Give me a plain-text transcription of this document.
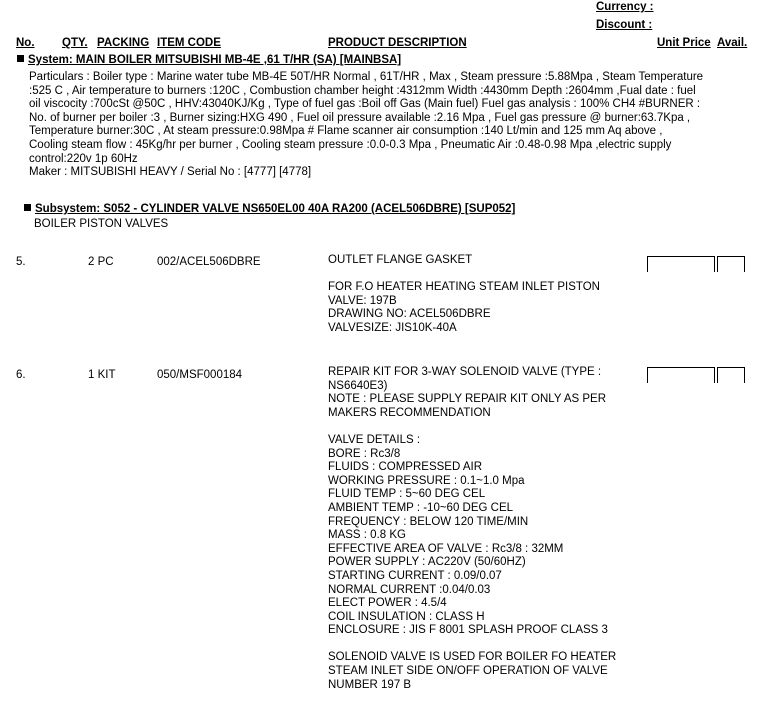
Currency :
Discount :
No. QTY. PACKING ITEM CODE	PRODUCT DESCRIPTION	Unit Price Avail.
System: MAIN BOILER MITSUBISHI MB-4E ,61 T/HR (SA) [MAINBSA]
Particulars : Boiler type : Marine water tube MB-4E 50T/HR Normal , 61T/HR , Max , Steam pressure :5.88Mpa , Steam Temperature
:525 C , Air temperature to burners :120C , Combustion chamber height :4312mm Width :4430mm Depth :2604mm ,Fual date : fuel
oil viscocity :700cSt @50C , HHV:43040KJ/Kg , Type of fuel gas :Boil off Gas (Main fuel) Fuel gas analysis : 100% CH4 #BURNER :
No. of burner per boiler :3 , Burner sizing:HXG 490 , Fuel oil pressure available :2.16 Mpa , Fuel gas pressure @ burner:63.7Kpa ,
Temperature burner:30C , At steam pressure:0.98Mpa # Flame scanner air consumption :140 Lt/min and 125 mm Aq above ,
Cooling steam flow : 45Kg/hr per burner , Cooling steam pressure :0.0-0.3 Mpa , Pneumatic Air :0.48-0.98 Mpa ,electric supply
control:220v 1p 60Hz
Maker : MITSUBISHI HEAVY / Serial No : [4777] [4778]
Subsystem: S052 - CYLINDER VALVE NS650EL00 40A RA200 (ACEL506DBRE) [SUP052]
BOILER PISTON VALVES
5.	2 PC	002/ACEL506DBRE	OUTLET FLANGE GASKET

FOR F.O HEATER HEATING STEAM INLET PISTON
VALVE: 197B
DRAWING NO: ACEL506DBRE
VALVESIZE: JIS10K-40A
6.	1 KIT	050/MSF000184	REPAIR KIT FOR 3-WAY SOLENOID VALVE (TYPE :
NS6640E3)
NOTE : PLEASE SUPPLY REPAIR KIT ONLY AS PER
MAKERS RECOMMENDATION

VALVE DETAILS :
BORE : Rc3/8
FLUIDS : COMPRESSED AIR
WORKING PRESSURE : 0.1~1.0 Mpa
FLUID TEMP : 5~60 DEG CEL
AMBIENT TEMP : -10~60 DEG CEL
FREQUENCY : BELOW 120 TIME/MIN
MASS : 0.8 KG
EFFECTIVE AREA OF VALVE : Rc3/8 : 32MM
POWER SUPPLY : AC220V (50/60HZ)
STARTING CURRENT : 0.09/0.07
NORMAL CURRENT :0.04/0.03
ELECT POWER : 4.5/4
COIL INSULATION : CLASS H
ENCLOSURE : JIS F 8001 SPLASH PROOF CLASS 3

SOLENOID VALVE IS USED FOR BOILER FO HEATER
STEAM INLET SIDE ON/OFF OPERATION OF VALVE
NUMBER 197 B
